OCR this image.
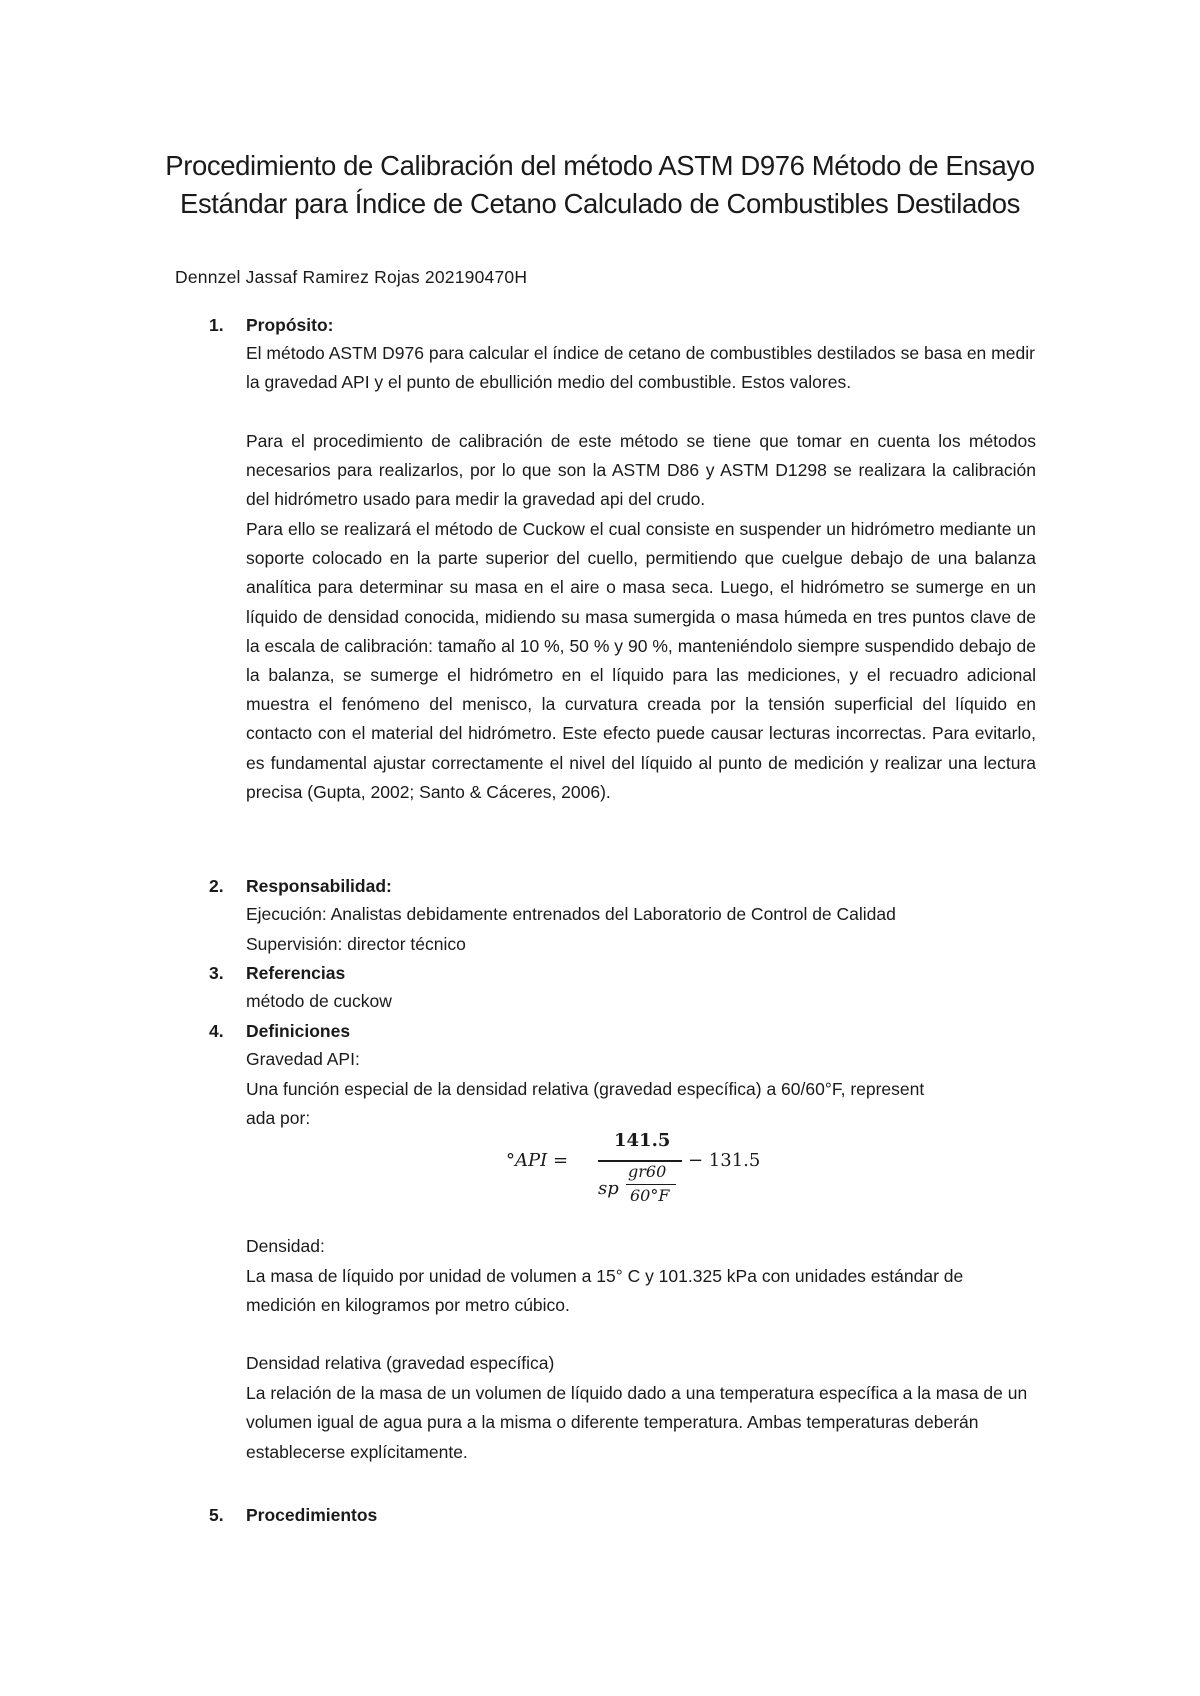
Procedimiento de Calibración del método ASTM D976 Método de Ensayo Estándar para Índice de Cetano Calculado de Combustibles Destilados
Dennzel Jassaf Ramirez Rojas 202190470H
1. Propósito:

El método ASTM D976 para calcular el índice de cetano de combustibles destilados se basa en medir la gravedad API y el punto de ebullición medio del combustible. Estos valores.

Para el procedimiento de calibración de este método se tiene que tomar en cuenta los métodos necesarios para realizarlos, por lo que son la ASTM D86 y ASTM D1298 se realizara la calibración del hidrómetro usado para medir la gravedad api del crudo.

Para ello se realizará el método de Cuckow el cual consiste en suspender un hidrómetro mediante un soporte colocado en la parte superior del cuello, permitiendo que cuelgue debajo de una balanza analítica para determinar su masa en el aire o masa seca. Luego, el hidrómetro se sumerge en un líquido de densidad conocida, midiendo su masa sumergida o masa húmeda en tres puntos clave de la escala de calibración: tamaño al 10 %, 50 % y 90 %, manteniéndolo siempre suspendido debajo de la balanza, se sumerge el hidrómetro en el líquido para las mediciones, y el recuadro adicional muestra el fenómeno del menisco, la curvatura creada por la tensión superficial del líquido en contacto con el material del hidrómetro. Este efecto puede causar lecturas incorrectas. Para evitarlo, es fundamental ajustar correctamente el nivel del líquido al punto de medición y realizar una lectura precisa (Gupta, 2002; Santo & Cáceres, 2006).

2. Responsabilidad:

Ejecución: Analistas debidamente entrenados del Laboratorio de Control de Calidad

Supervisión: director técnico

3. Referencias

método de cuckow

4. Definiciones

Gravedad API:

Una función especial de la densidad relativa (gravedad específica) a 60/60°F, represent

ada por:

°API =
141.5
sp
gr60
60°F
− 131.5

Densidad:

La masa de líquido por unidad de volumen a 15° C y 101.325 kPa con unidades estándar de medición en kilogramos por metro cúbico.

Densidad relativa (gravedad específica)

La relación de la masa de un volumen de líquido dado a una temperatura específica a la masa de un volumen igual de agua pura a la misma o diferente temperatura. Ambas temperaturas deberán establecerse explícitamente.

5. Procedimientos
